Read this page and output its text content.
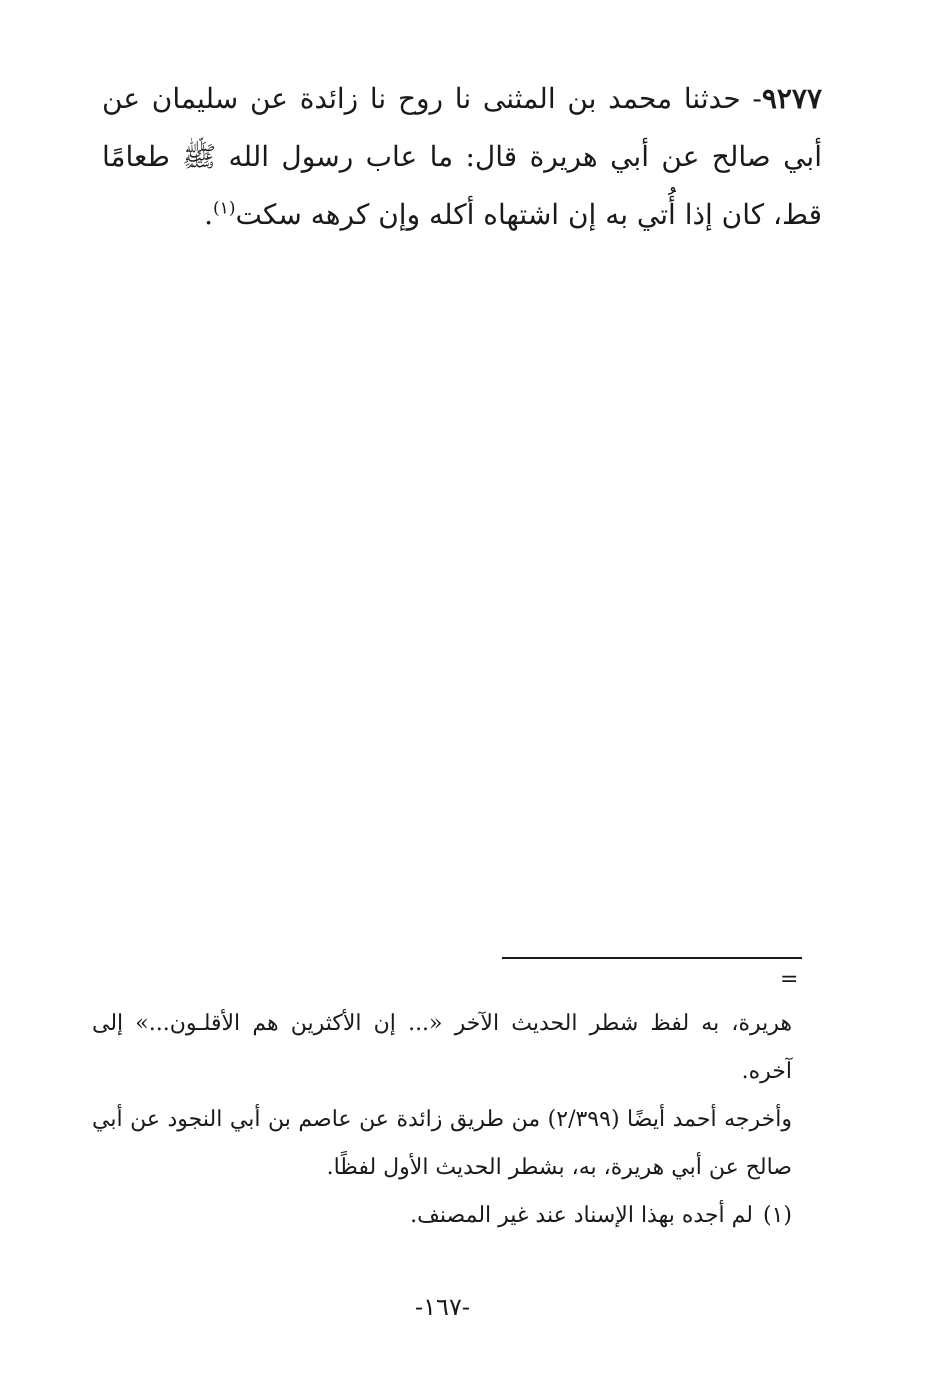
٩٢٧٧- حدثنا محمد بن المثنى نا روح نا زائدة عن سليمان عن أبي صالح عن أبي هريرة قال: ما عاب رسول الله ﷺ طعامًا قط، كان إذا أُتي به إن اشتهاه أكله وإن كرهه سكت$^{(١)}$.
=

هريرة، به لفظ شطر الحديث الآخر «... إن الأكثرين هم الأقلـون...» إلى آخره.

وأخرجه أحمد أيضًا (٢/٣٩٩) من طريق زائدة عن عاصم بن أبي النجود عن أبي صالح عن أبي هريرة، به، بشطر الحديث الأول لفظًا.

(١)لم أجده بهذا الإسناد عند غير المصنف.

-١٦٧-
